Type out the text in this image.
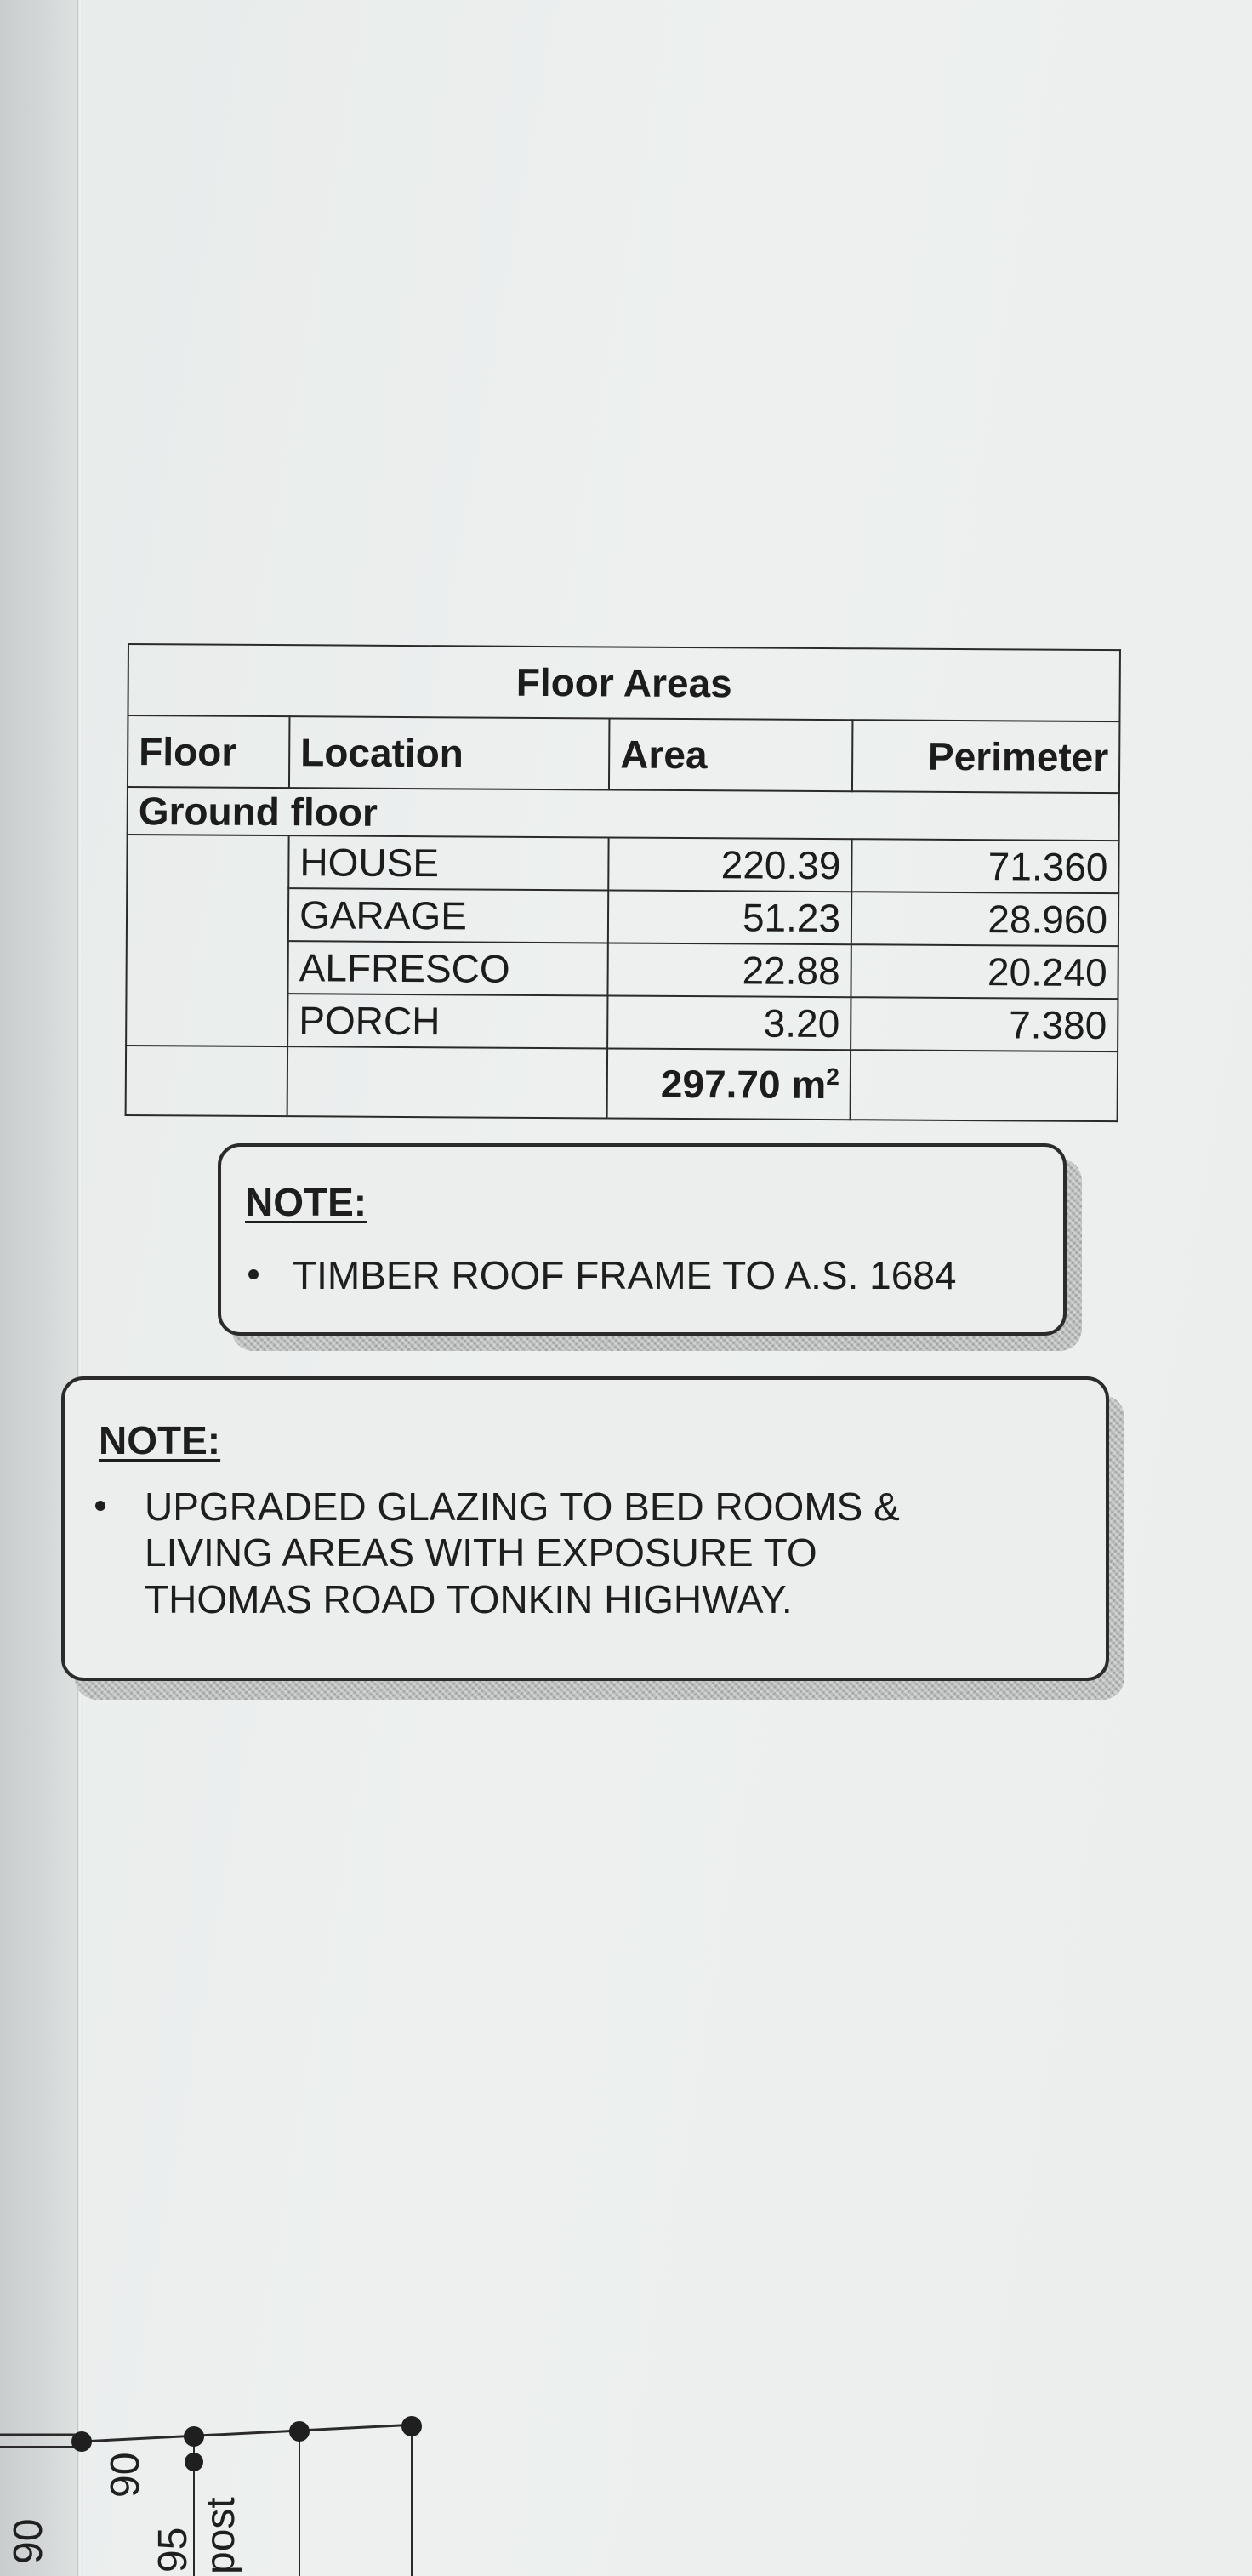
Floor Areas			
Floor	Location	Area	Perimeter
Ground floor			
	HOUSE	220.39	71.360
	GARAGE	51.23	28.960
	ALFRESCO	22.88	20.240
	PORCH	3.20	7.380
		297.70 $m^2$	
NOTE:
TIMBER ROOF FRAME TO A.S. 1684
NOTE:
UPGRADED GLAZING TO BED ROOMS &
LIVING AREAS WITH EXPOSURE TO
THOMAS ROAD TONKIN HIGHWAY.
90
90
95 post
